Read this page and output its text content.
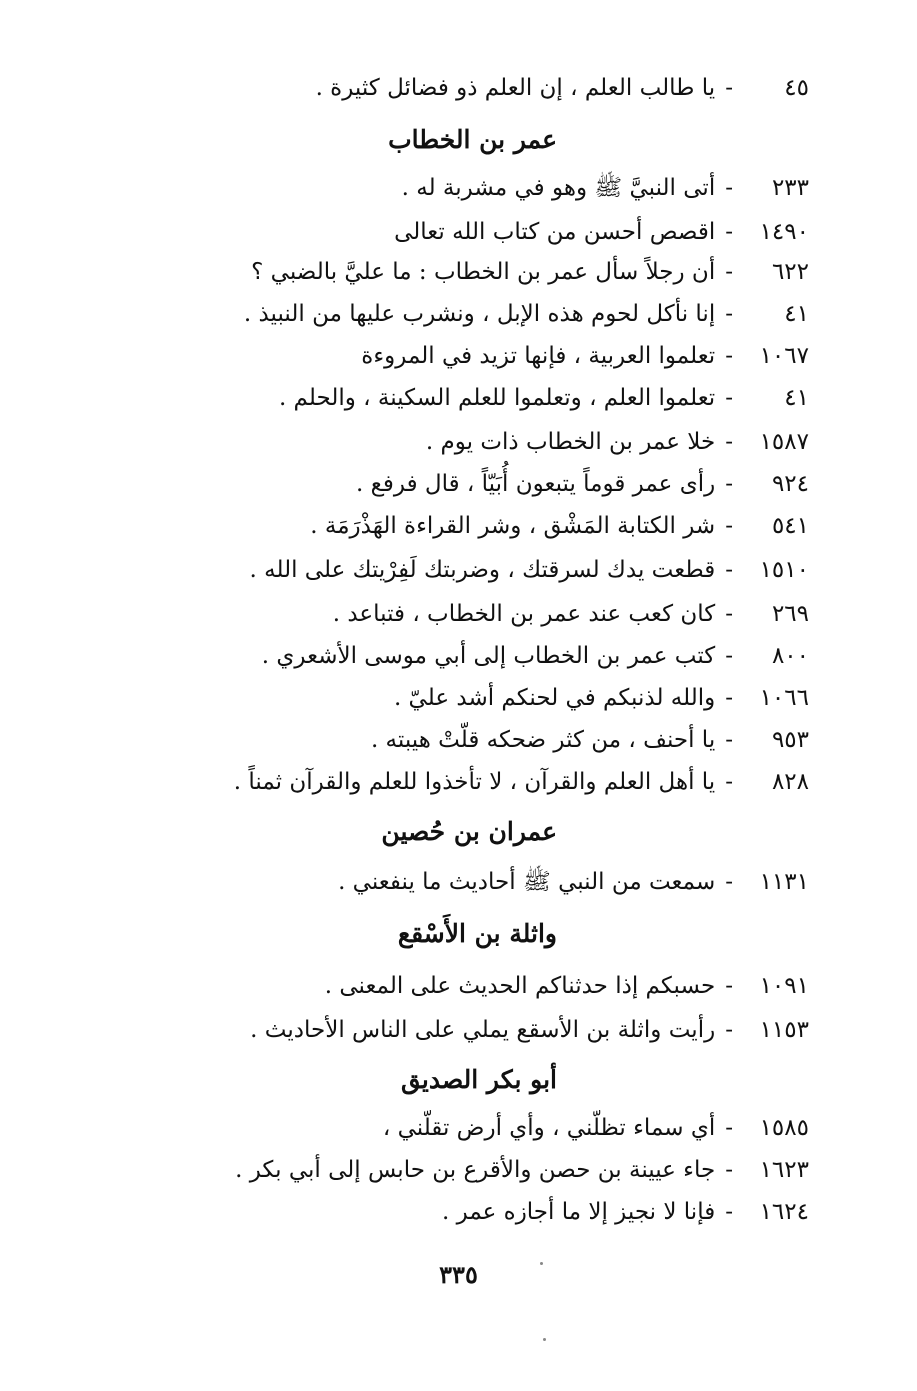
٤٥-يا طالب العلم ، إن العلم ذو فضائل كثيرة .
عمر بن الخطاب
٢٣٣-أتى النبيَّ ﷺ وهو في مشربة له .
١٤٩٠-اقصص أحسن من كتاب الله تعالى
٦٢٢-أن رجلاً سأل عمر بن الخطاب : ما عليَّ بالضبي ؟
٤١-إنا نأكل لحوم هذه الإبل ، ونشرب عليها من النبيذ .
١٠٦٧-تعلموا العربية ، فإنها تزيد في المروءة
٤١-تعلموا العلم ، وتعلموا للعلم السكينة ، والحلم .
١٥٨٧-خلا عمر بن الخطاب ذات يوم .
٩٢٤-رأى عمر قوماً يتبعون أُبَيّاً ، قال فرفع .
٥٤١-شر الكتابة المَشْق ، وشر القراءة الهَذْرَمَة .
١٥١٠-قطعت يدك لسرقتك ، وضربتك لَفِرْيتك على الله .
٢٦٩-كان كعب عند عمر بن الخطاب ، فتباعد .
٨٠٠-كتب عمر بن الخطاب إلى أبي موسى الأشعري .
١٠٦٦-والله لذنبكم في لحنكم أشد عليّ .
٩٥٣-يا أحنف ، من كثر ضحكه قلّتْ هيبته .
٨٢٨-يا أهل العلم والقرآن ، لا تأخذوا للعلم والقرآن ثمناً .
عمران بن حُصين
١١٣١-سمعت من النبي ﷺ أحاديث ما ينفعني .
واثلة بن الأَسْقع
١٠٩١-حسبكم إذا حدثناكم الحديث على المعنى .
١١٥٣-رأيت واثلة بن الأسقع يملي على الناس الأحاديث .
أبو بكر الصديق
١٥٨٥-أي سماء تظلّني ، وأي أرض تقلّني ،
١٦٢٣-جاء عيينة بن حصن والأقرع بن حابس إلى أبي بكر .
١٦٢٤-فإنا لا نجيز إلا ما أجازه عمر .
٣٣٥
